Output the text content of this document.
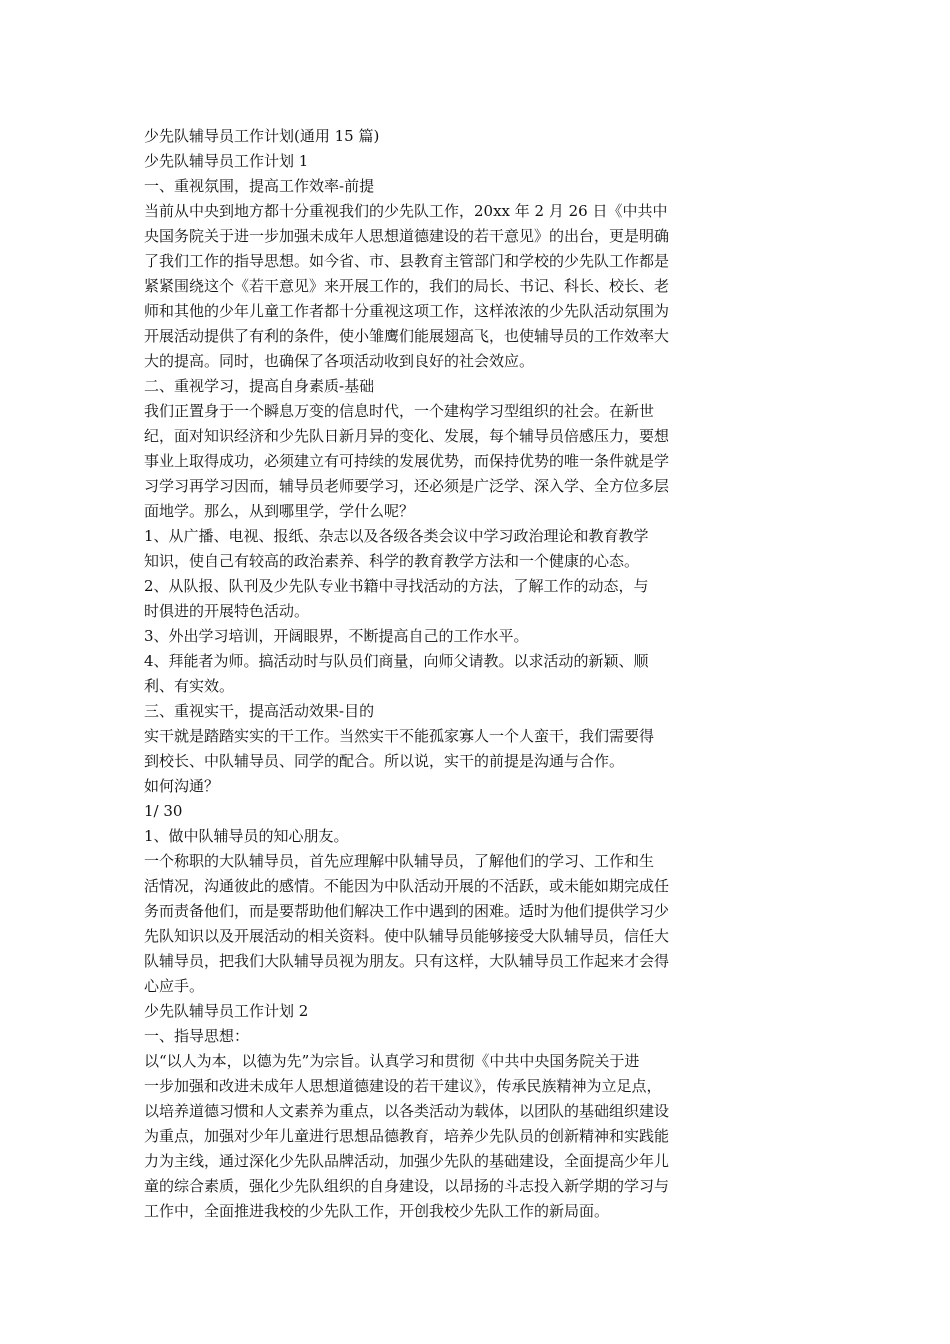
少先队辅导员工作计划(通用 15 篇)
少先队辅导员工作计划 1
一、重视氛围，提高工作效率-前提
当前从中央到地方都十分重视我们的少先队工作，20xx 年 2 月 26 日《中共中
央国务院关于进一步加强未成年人思想道德建设的若干意见》的出台，更是明确
了我们工作的指导思想。如今省、市、县教育主管部门和学校的少先队工作都是
紧紧围绕这个《若干意见》来开展工作的，我们的局长、书记、科长、校长、老
师和其他的少年儿童工作者都十分重视这项工作，这样浓浓的少先队活动氛围为
开展活动提供了有利的条件，使小雏鹰们能展翅高飞，也使辅导员的工作效率大
大的提高。同时，也确保了各项活动收到良好的社会效应。
二、重视学习，提高自身素质-基础
我们正置身于一个瞬息万变的信息时代，一个建构学习型组织的社会。在新世
纪，面对知识经济和少先队日新月异的变化、发展，每个辅导员倍感压力，要想
事业上取得成功，必须建立有可持续的发展优势，而保持优势的唯一条件就是学
习学习再学习因而，辅导员老师要学习，还必须是广泛学、深入学、全方位多层
面地学。那么，从到哪里学，学什么呢？
1、从广播、电视、报纸、杂志以及各级各类会议中学习政治理论和教育教学
知识，使自己有较高的政治素养、科学的教育教学方法和一个健康的心态。
2、从队报、队刊及少先队专业书籍中寻找活动的方法，了解工作的动态，与
时俱进的开展特色活动。
3、外出学习培训，开阔眼界，不断提高自己的工作水平。
4、拜能者为师。搞活动时与队员们商量，向师父请教。以求活动的新颖、顺
利、有实效。
三、重视实干，提高活动效果-目的
实干就是踏踏实实的干工作。当然实干不能孤家寡人一个人蛮干，我们需要得
到校长、中队辅导员、同学的配合。所以说，实干的前提是沟通与合作。
如何沟通？
1/ 30
1、做中队辅导员的知心朋友。
一个称职的大队辅导员，首先应理解中队辅导员，了解他们的学习、工作和生
活情况，沟通彼此的感情。不能因为中队活动开展的不活跃，或未能如期完成任
务而责备他们，而是要帮助他们解决工作中遇到的困难。适时为他们提供学习少
先队知识以及开展活动的相关资料。使中队辅导员能够接受大队辅导员，信任大
队辅导员，把我们大队辅导员视为朋友。只有这样，大队辅导员工作起来才会得
心应手。
少先队辅导员工作计划 2
一、指导思想：
以“以人为本，以德为先”为宗旨。认真学习和贯彻《中共中央国务院关于进
一步加强和改进未成年人思想道德建设的若干建议》，传承民族精神为立足点，
以培养道德习惯和人文素养为重点，以各类活动为载体，以团队的基础组织建设
为重点，加强对少年儿童进行思想品德教育，培养少先队员的创新精神和实践能
力为主线，通过深化少先队品牌活动，加强少先队的基础建设，全面提高少年儿
童的综合素质，强化少先队组织的自身建设，以昂扬的斗志投入新学期的学习与
工作中，全面推进我校的少先队工作，开创我校少先队工作的新局面。
